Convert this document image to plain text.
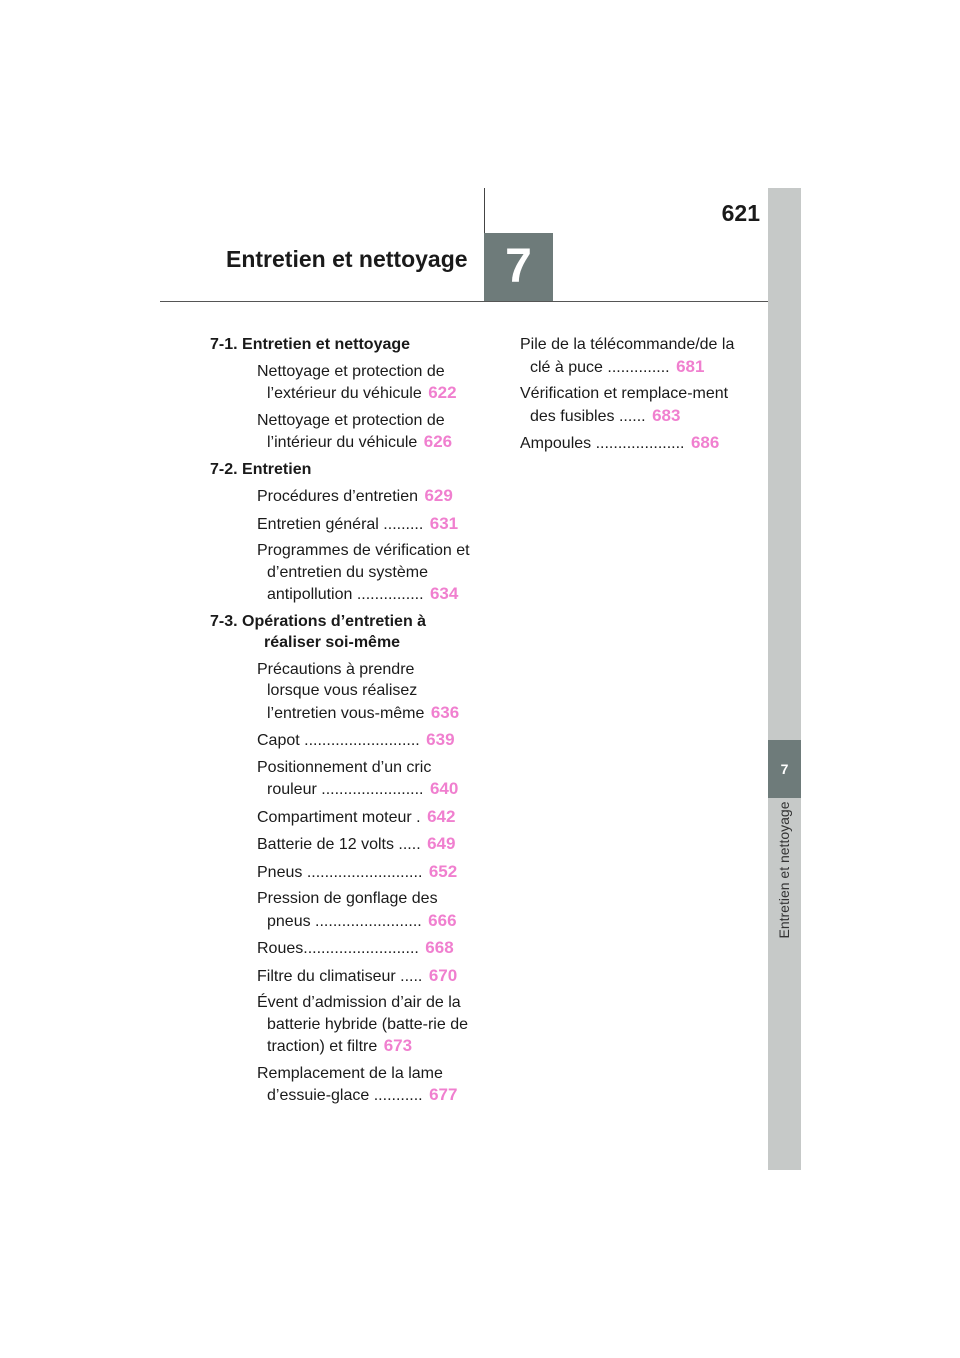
621
Entretien et nettoyage 7
7
Entretien et nettoyage
7-1. Entretien et nettoyage
Nettoyage et protection de l’extérieur du véhicule 622
Nettoyage et protection de l’intérieur du véhicule 626
7-2. Entretien
Procédures d’entretien 629
Entretien général ......... 631
Programmes de vérification et d’entretien du système antipollution ............... 634
7-3. Opérations d’entretien à réaliser soi-même
Précautions à prendre lorsque vous réalisez l’entretien vous-même 636
Capot .......................... 639
Positionnement d’un cric rouleur ....................... 640
Compartiment moteur . 642
Batterie de 12 volts ..... 649
Pneus .......................... 652
Pression de gonflage des pneus ........................ 666
Roues.......................... 668
Filtre du climatiseur ..... 670
Évent d’admission d’air de la batterie hybride (batte-rie de traction) et filtre 673
Remplacement de la lame d’essuie-glace ........... 677
Pile de la télécommande/de la clé à puce .............. 681
Vérification et remplace-ment des fusibles ...... 683
Ampoules .................... 686
